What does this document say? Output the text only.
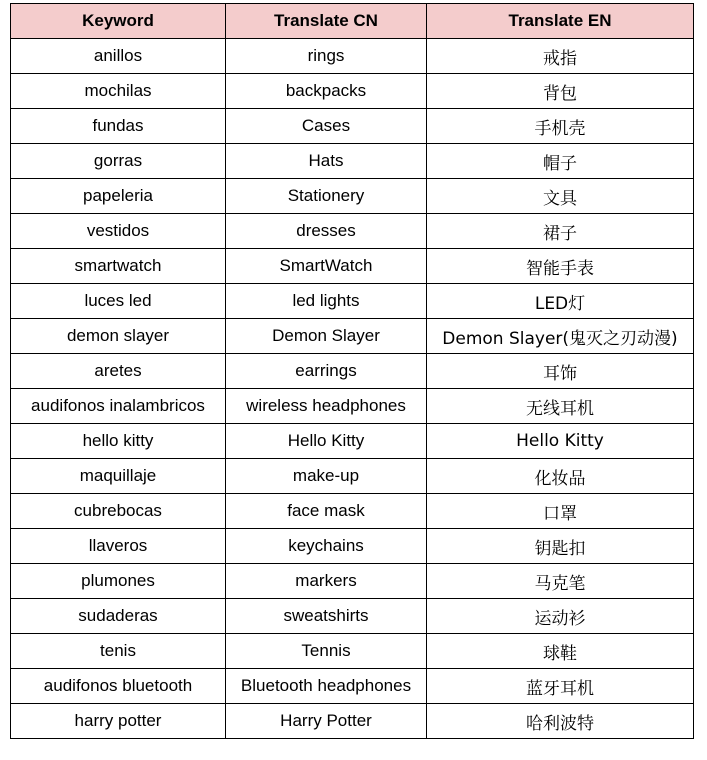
Keyword	Translate CN	Translate EN
anillos	rings	戒指
mochilas	backpacks	背包
fundas	Cases	手机壳
gorras	Hats	帽子
papeleria	Stationery	文具
vestidos	dresses	裙子
smartwatch	SmartWatch	智能手表
luces led	led lights	LED灯
demon slayer	Demon Slayer	Demon Slayer(鬼灭之刃动漫)
aretes	earrings	耳饰
audifonos inalambricos	wireless headphones	无线耳机
hello kitty	Hello Kitty	Hello Kitty
maquillaje	make-up	化妆品
cubrebocas	face mask	口罩
llaveros	keychains	钥匙扣
plumones	markers	马克笔
sudaderas	sweatshirts	运动衫
tenis	Tennis	球鞋
audifonos bluetooth	Bluetooth headphones	蓝牙耳机
harry potter	Harry Potter	哈利波特
